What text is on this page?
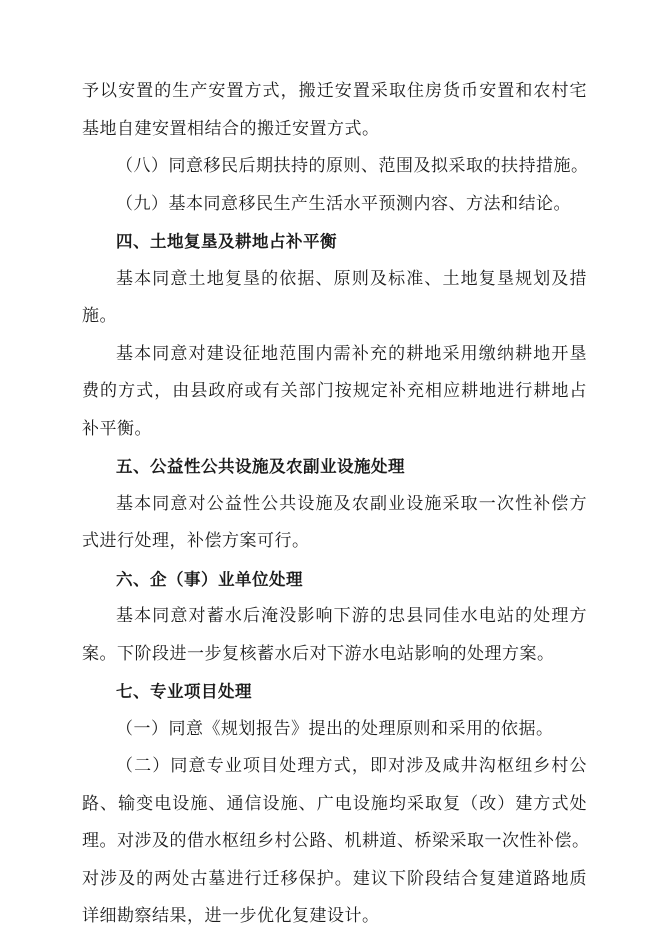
予以安置的生产安置方式，搬迁安置采取住房货币安置和农村宅
基地自建安置相结合的搬迁安置方式。
（八）同意移民后期扶持的原则、范围及拟采取的扶持措施。
（九）基本同意移民生产生活水平预测内容、方法和结论。
四、土地复垦及耕地占补平衡
基本同意土地复垦的依据、原则及标准、土地复垦规划及措
施。
基本同意对建设征地范围内需补充的耕地采用缴纳耕地开垦
费的方式，由县政府或有关部门按规定补充相应耕地进行耕地占
补平衡。
五、公益性公共设施及农副业设施处理
基本同意对公益性公共设施及农副业设施采取一次性补偿方
式进行处理，补偿方案可行。
六、企（事）业单位处理
基本同意对蓄水后淹没影响下游的忠县同佳水电站的处理方
案。下阶段进一步复核蓄水后对下游水电站影响的处理方案。
七、专业项目处理
（一）同意《规划报告》提出的处理原则和采用的依据。
（二）同意专业项目处理方式，即对涉及咸井沟枢纽乡村公
路、输变电设施、通信设施、广电设施均采取复（改）建方式处
理。对涉及的借水枢纽乡村公路、机耕道、桥梁采取一次性补偿。
对涉及的两处古墓进行迁移保护。建议下阶段结合复建道路地质
详细勘察结果，进一步优化复建设计。
